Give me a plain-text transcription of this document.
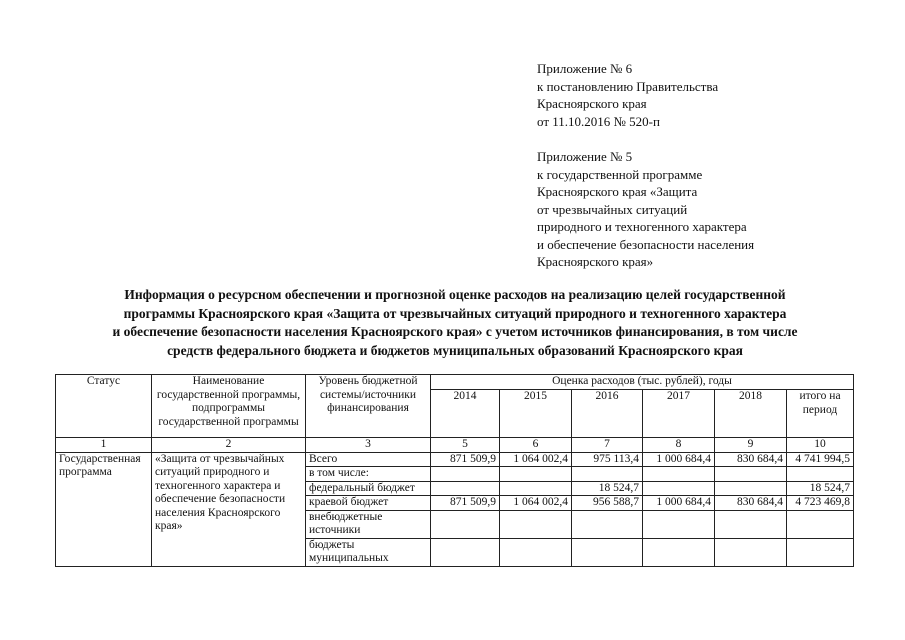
Приложение № 6
к постановлению Правительства
Красноярского края
от 11.10.2016 № 520-п
Приложение № 5
к государственной программе
Красноярского края «Защита
от чрезвычайных ситуаций
природного и техногенного характера
и обеспечение безопасности населения
Красноярского края»
Информация о ресурсном обеспечении и прогнозной оценке расходов на реализацию целей государственной
программы Красноярского края «Защита от чрезвычайных ситуаций природного и техногенного характера
и обеспечение безопасности населения Красноярского края» с учетом источников финансирования, в том числе
средств федерального бюджета и бюджетов муниципальных образований Красноярского края
Статус	Наименование государственной программы, подпрограммы государственной программы	Уровень бюджетной системы/источники финансирования	Оценка расходов (тыс. рублей), годы					
			2014	2015	2016	2017	2018	итого на период
1	2	3	5	6	7	8	9	10
Государственная программа	«Защита от чрезвычайных ситуаций природного и техногенного характера и обеспечение безопасности населения Красноярского края»	Всего	871 509,9	1 064 002,4	975 113,4	1 000 684,4	830 684,4	4 741 994,5
		в том числе:						
		федеральный бюджет			18 524,7			18 524,7
		краевой бюджет	871 509,9	1 064 002,4	956 588,7	1 000 684,4	830 684,4	4 723 469,8
		внебюджетные источники						
		бюджеты муниципальных						
